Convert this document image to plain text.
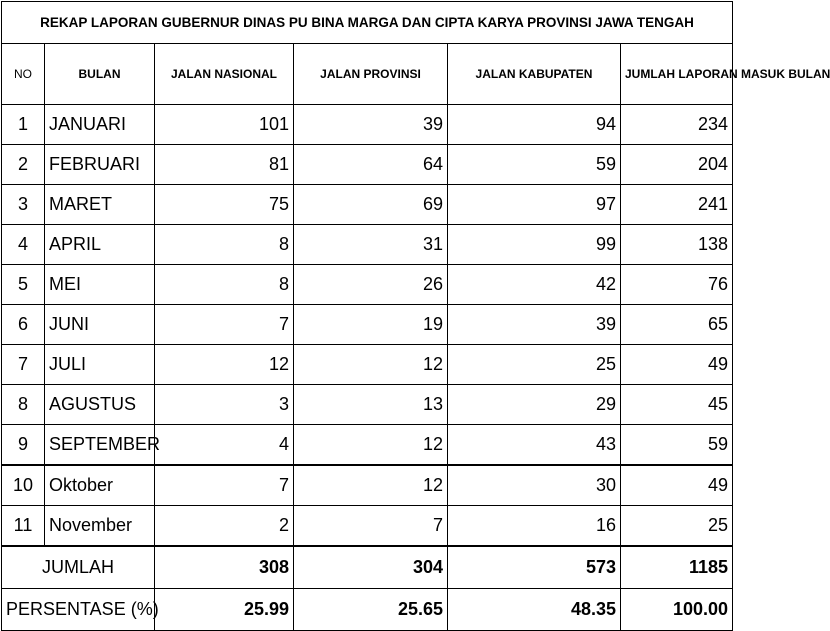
REKAP LAPORAN GUBERNUR DINAS PU BINA MARGA DAN CIPTA KARYA PROVINSI JAWA TENGAH					
NO	BULAN	JALAN NASIONAL	JALAN PROVINSI	JALAN KABUPATEN	JUMLAH LAPORAN MASUK BULAN
1	JANUARI	101	39	94	234
2	FEBRUARI	81	64	59	204
3	MARET	75	69	97	241
4	APRIL	8	31	99	138
5	MEI	8	26	42	76
6	JUNI	7	19	39	65
7	JULI	12	12	25	49
8	AGUSTUS	3	13	29	45
9	SEPTEMBER	4	12	43	59
10	Oktober	7	12	30	49
11	November	2	7	16	25
JUMLAH		308	304	573	1185
PERSENTASE (%)		25.99	25.65	48.35	100.00
